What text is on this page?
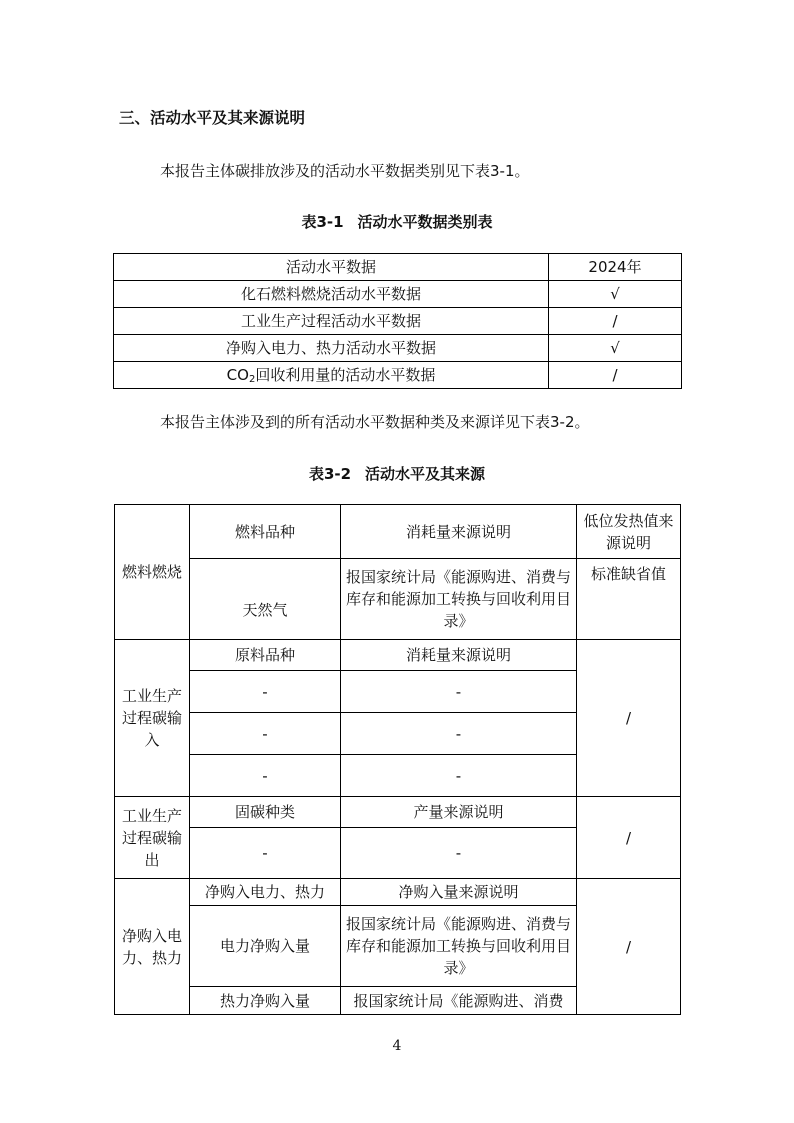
三、活动水平及其来源说明
本报告主体碳排放涉及的活动水平数据类别见下表3-1。
表3-1 活动水平数据类别表
活动水平数据	2024年
化石燃料燃烧活动水平数据	√
工业生产过程活动水平数据	/
净购入电力、热力活动水平数据	√
$CO_2$回收利用量的活动水平数据	/
本报告主体涉及到的所有活动水平数据种类及来源详见下表3-2。
表3-2 活动水平及其来源
燃料燃烧	燃料品种	消耗量来源说明	低位发热值来源说明
	天然气	报国家统计局《能源购进、消费与库存和能源加工转换与回收利用目录》	标准缺省值
工业生产过程碳输入	原料品种	消耗量来源说明	/
	-	-	
	-	-	
	-	-	
工业生产过程碳输出	固碳种类	产量来源说明	/
	-	-	
净购入电力、热力	净购入电力、热力	净购入量来源说明	/
	电力净购入量	报国家统计局《能源购进、消费与库存和能源加工转换与回收利用目录》	
	热力净购入量	报国家统计局《能源购进、消费	
4
